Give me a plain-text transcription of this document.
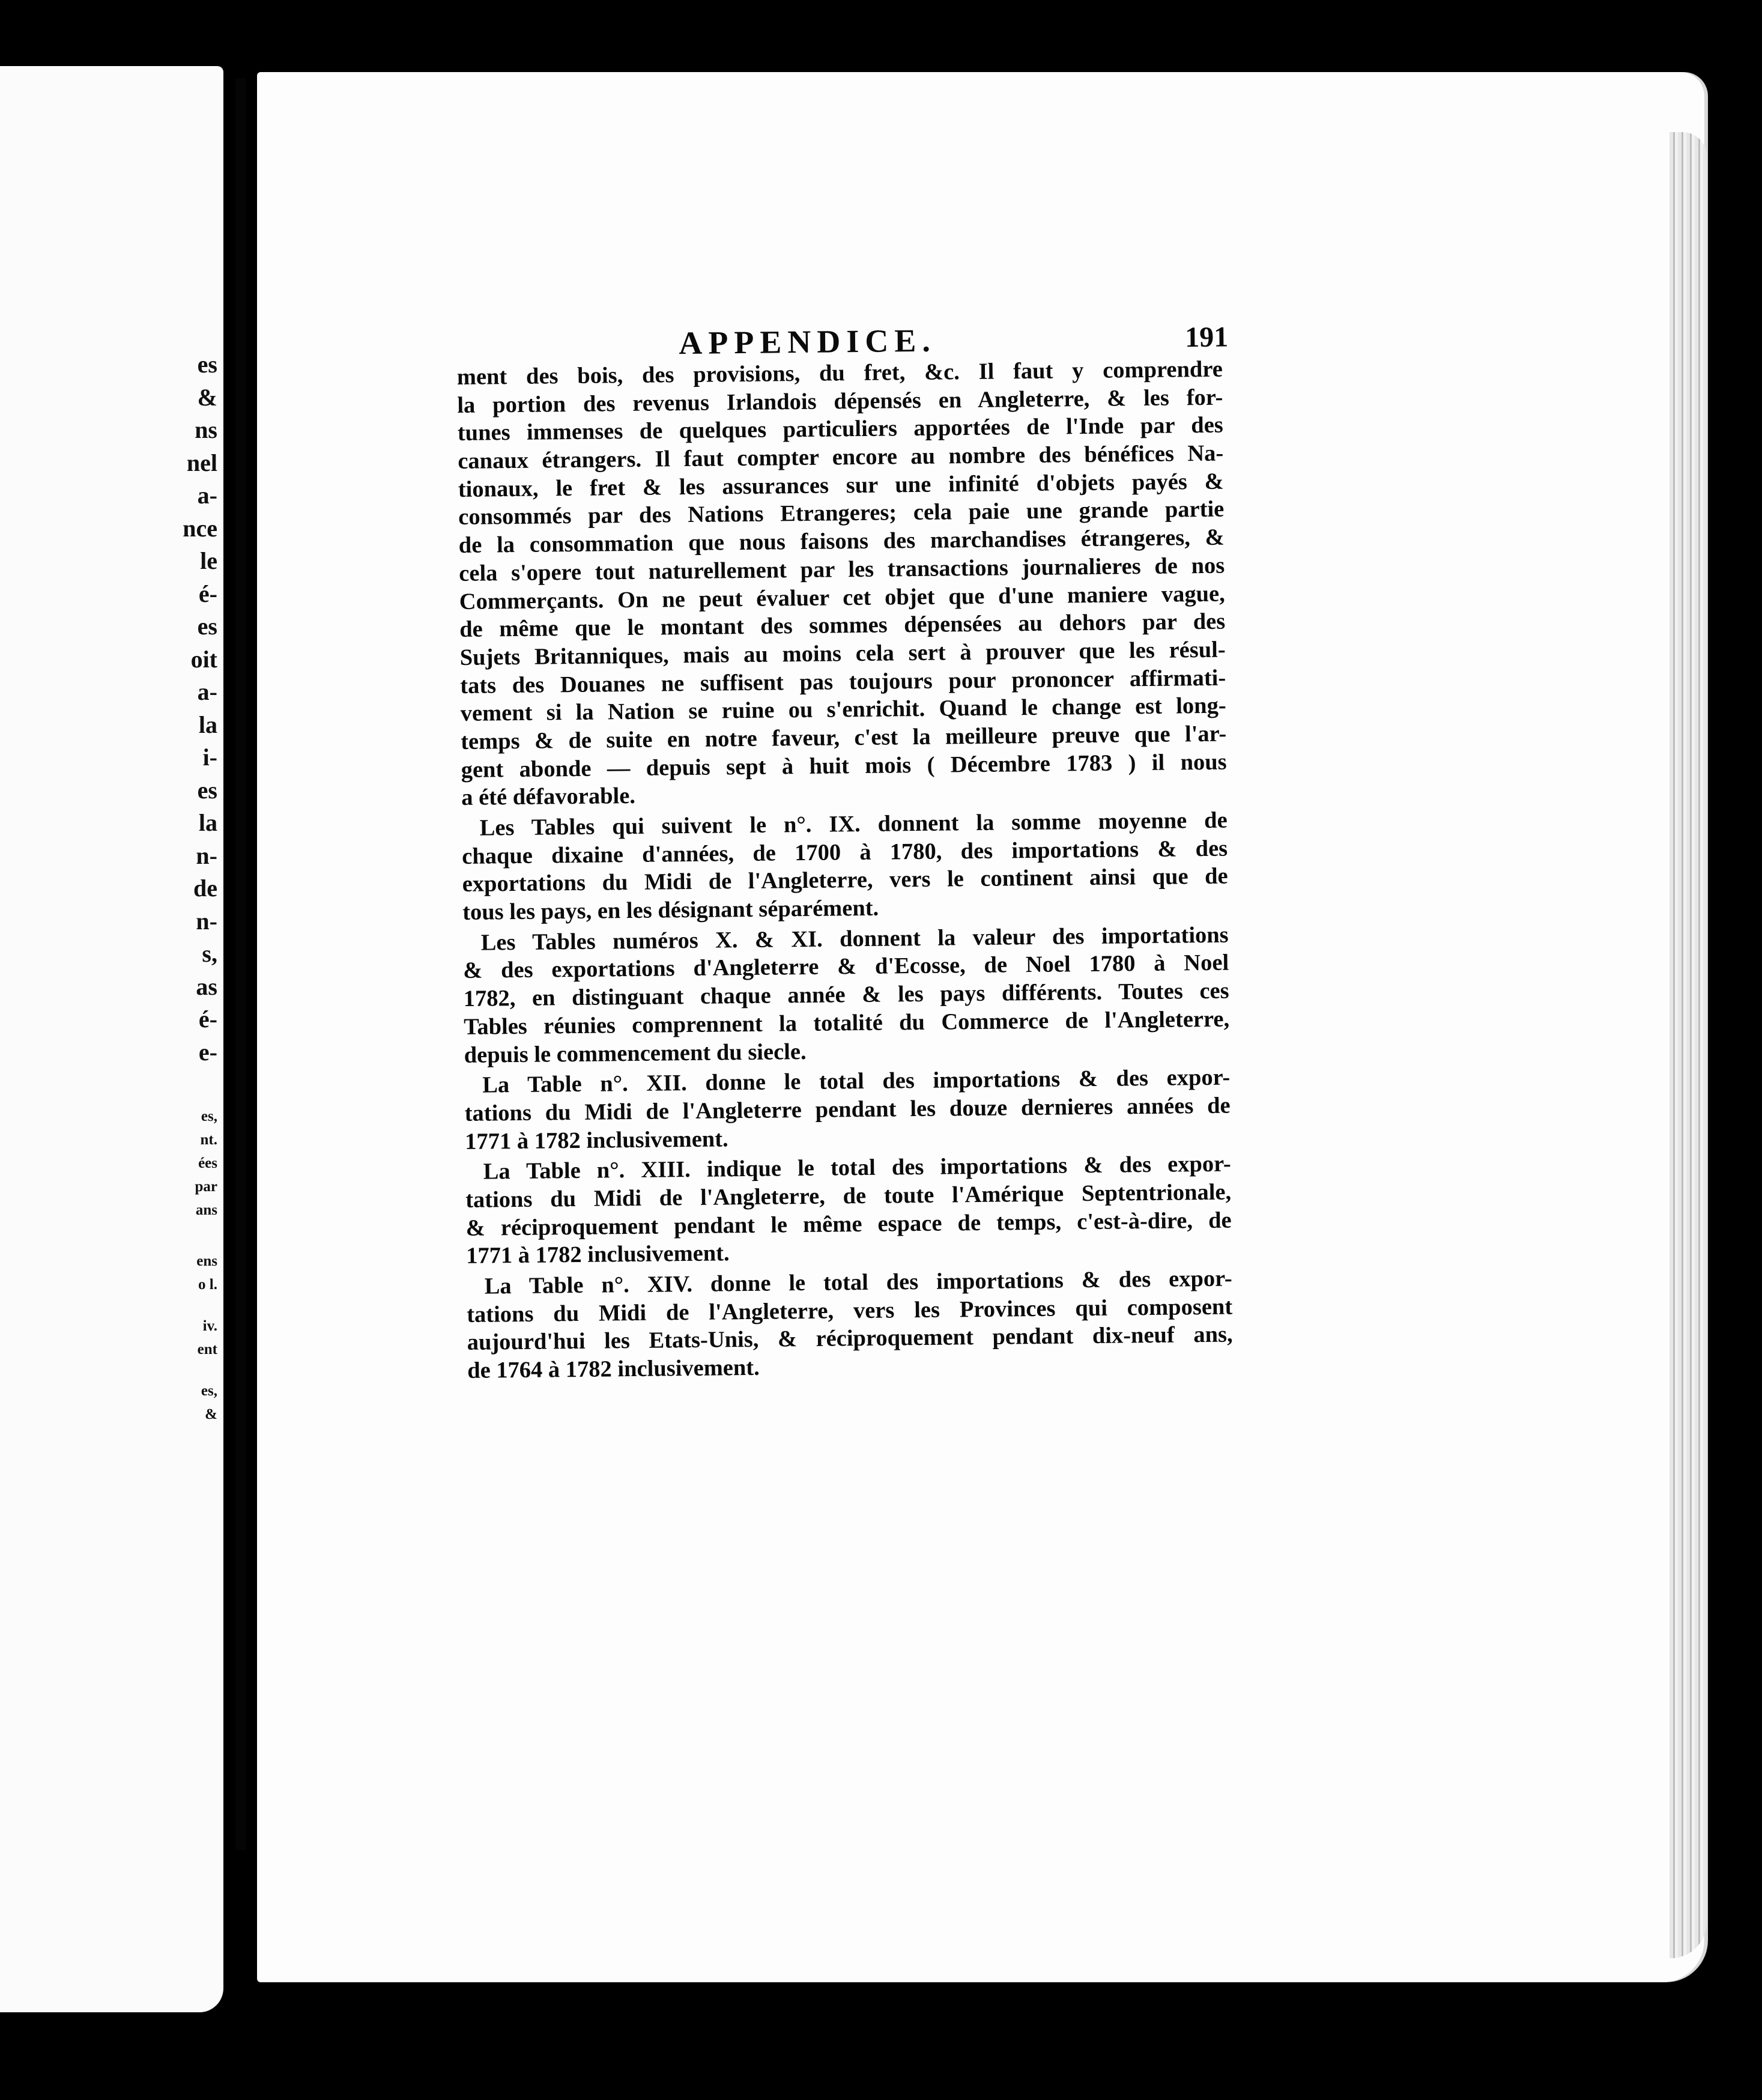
es
&
ns
nel
a-
nce
le
é-
es
oit
a-
la
i-
es
la
n-
de
n-
s,
as
é-
e-
es,
nt.
ées
par
ans
ens
o l.
iv.
ent
es,
&
APPENDICE.	191
ment des bois, des provisions, du fret, &c. Il faut y comprendre
la portion des revenus Irlandois dépensés en Angleterre, & les for-
tunes immenses de quelques particuliers apportées de l'Inde par des
canaux étrangers. Il faut compter encore au nombre des bénéfices Na-
tionaux, le fret & les assurances sur une infinité d'objets payés &
consommés par des Nations Etrangeres; cela paie une grande partie
de la consommation que nous faisons des marchandises étrangeres, &
cela s'opere tout naturellement par les transactions journalieres de nos
Commerçants. On ne peut évaluer cet objet que d'une maniere vague,
de même que le montant des sommes dépensées au dehors par des
Sujets Britanniques, mais au moins cela sert à prouver que les résul-
tats des Douanes ne suffisent pas toujours pour prononcer affirmati-
vement si la Nation se ruine ou s'enrichit. Quand le change est long-
temps & de suite en notre faveur, c'est la meilleure preuve que l'ar-
gent abonde — depuis sept à huit mois ( Décembre 1783 ) il nous
a été défavorable.
Les Tables qui suivent le n°. IX. donnent la somme moyenne de
chaque dixaine d'années, de 1700 à 1780, des importations & des
exportations du Midi de l'Angleterre, vers le continent ainsi que de
tous les pays, en les désignant séparément.
Les Tables numéros X. & XI. donnent la valeur des importations
& des exportations d'Angleterre & d'Ecosse, de Noel 1780 à Noel
1782, en distinguant chaque année & les pays différents. Toutes ces
Tables réunies comprennent la totalité du Commerce de l'Angleterre,
depuis le commencement du siecle.
La Table n°. XII. donne le total des importations & des expor-
tations du Midi de l'Angleterre pendant les douze dernieres années de
1771 à 1782 inclusivement.
La Table n°. XIII. indique le total des importations & des expor-
tations du Midi de l'Angleterre, de toute l'Amérique Septentrionale,
& réciproquement pendant le même espace de temps, c'est-à-dire, de
1771 à 1782 inclusivement.
La Table n°. XIV. donne le total des importations & des expor-
tations du Midi de l'Angleterre, vers les Provinces qui composent
aujourd'hui les Etats-Unis, & réciproquement pendant dix-neuf ans,
de 1764 à 1782 inclusivement.
